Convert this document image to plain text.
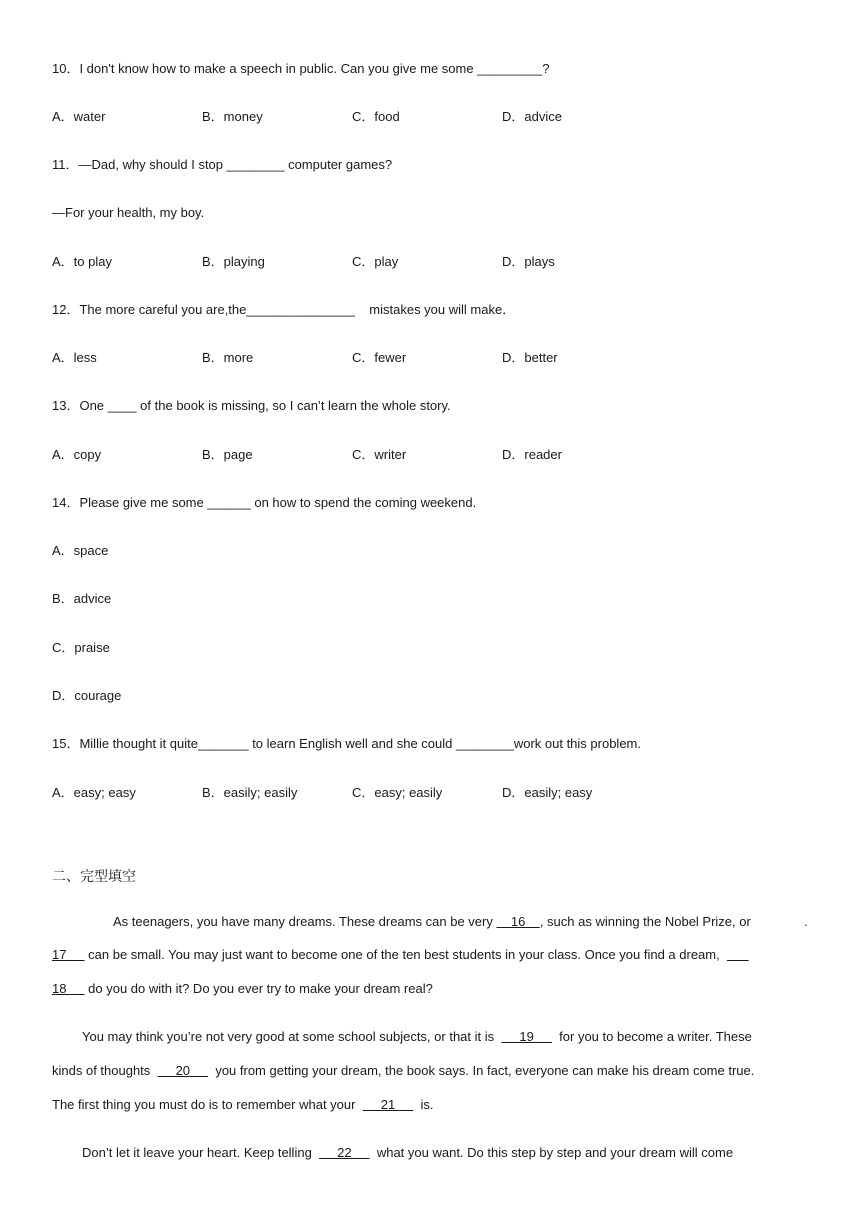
10．I don't know how to make a speech in public. Can you give me some _________?
A．water	B．money	C．food	D．advice
11．—Dad, why should I stop ________ computer games?
—For your health, my boy.
A．to play	B．playing	C．play	D．plays
12．The more careful you are,the_______________    mistakes you will make．
A．less	B．more	C．fewer	D．better
13．One ____ of the book is missing, so I can’t learn the whole story.
A．copy	B．page	C．writer	D．reader
14．Please give me some ______ on how to spend the coming weekend.
A．space
B．advice
C．praise
D．courage
15．Millie thought it quite_______ to learn English well and she could ________work out this problem.
A．easy; easy	B．easily; easily	C．easy; easily	D．easily; easy
二、完型填空
As teenagers, you have many dreams. These dreams can be very     16    , such as winning the Nobel Prize, or	.
17      can be small. You may just want to become one of the ten best students in your class. Once you find a dream,
18      do you do with it? Do you ever try to make your dream real?
You may think you’re not very good at some school subjects, or that it is       19       for you to become a writer. These
kinds of thoughts       20       you from getting your dream, the book says. In fact, everyone can make his dream come true.
The first thing you must do is to remember what your       21       is.
Don’t let it leave your heart. Keep telling       22       what you want. Do this step by step and your dream will come
